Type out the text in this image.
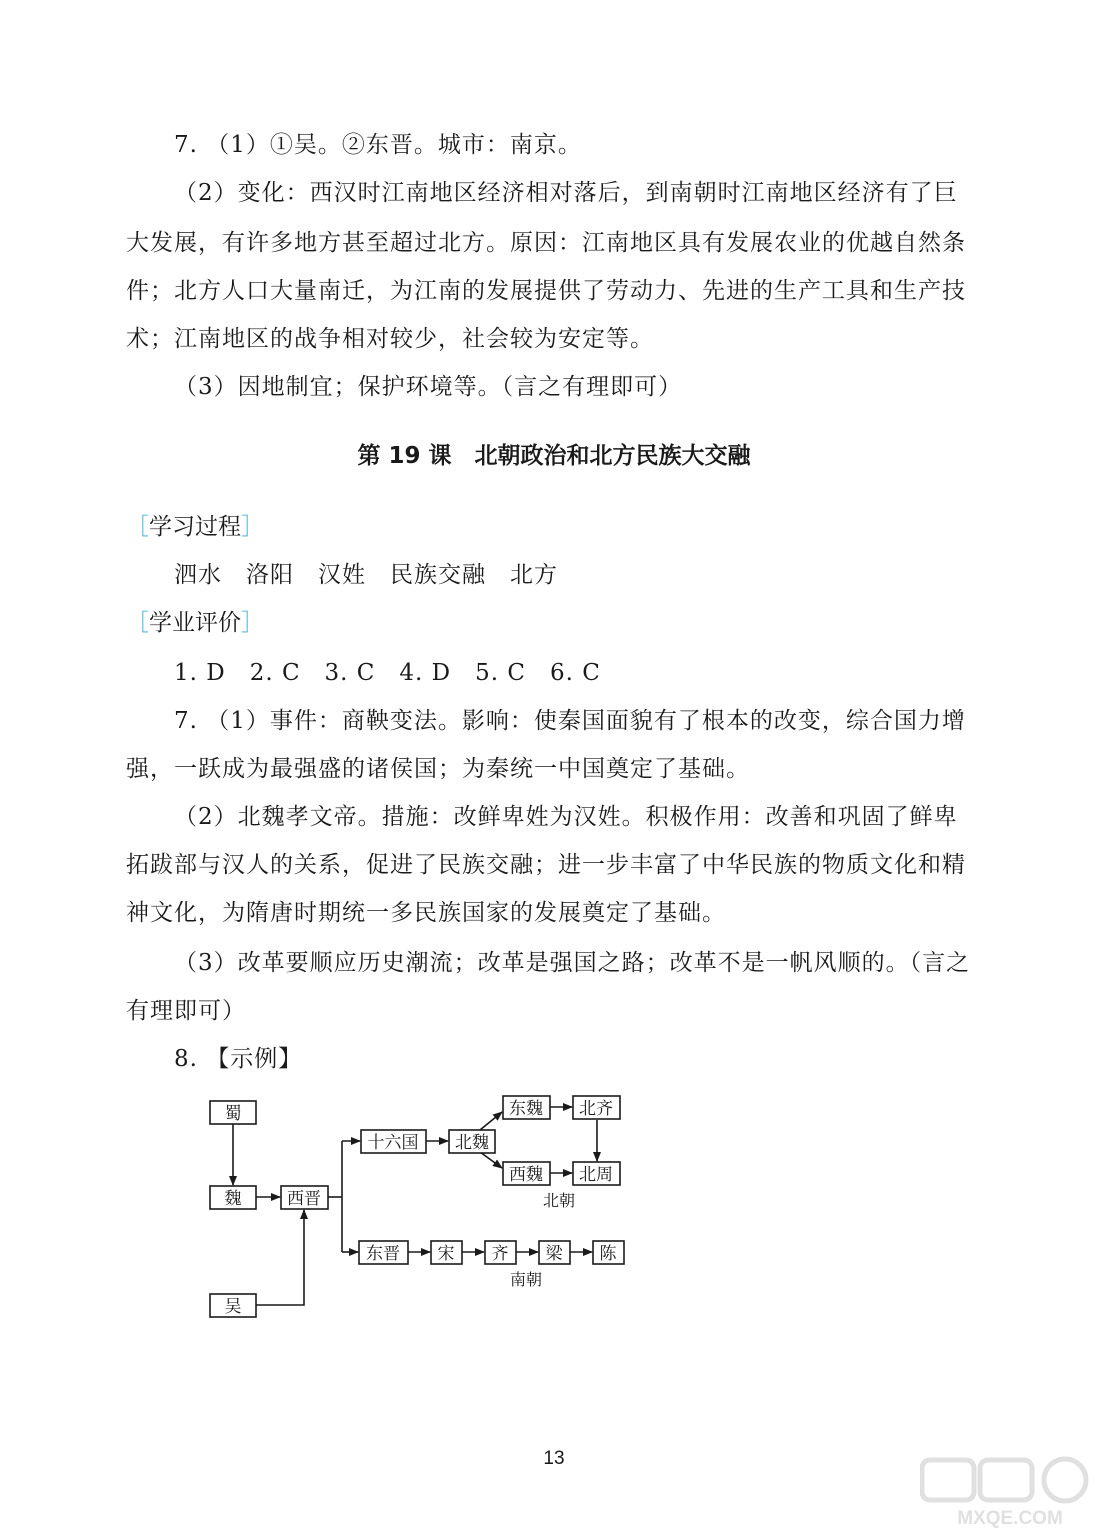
7. （1）①吴。②东晋。城市：南京。
（2）变化：西汉时江南地区经济相对落后，到南朝时江南地区经济有了巨
大发展，有许多地方甚至超过北方。原因：江南地区具有发展农业的优越自然条
件；北方人口大量南迁，为江南的发展提供了劳动力、先进的生产工具和生产技
术；江南地区的战争相对较少，社会较为安定等。
（3）因地制宜；保护环境等。（言之有理即可）
第 19 课　北朝政治和北方民族大交融
［学习过程］
泗水　洛阳　汉姓　民族交融　北方
［学业评价］
1. D　2. C　3. C　4. D　5. C　6. C
7. （1）事件：商鞅变法。影响：使秦国面貌有了根本的改变，综合国力增
强，一跃成为最强盛的诸侯国；为秦统一中国奠定了基础。
（2）北魏孝文帝。措施：改鲜卑姓为汉姓。积极作用：改善和巩固了鲜卑
拓跋部与汉人的关系，促进了民族交融；进一步丰富了中华民族的物质文化和精
神文化，为隋唐时期统一多民族国家的发展奠定了基础。
（3）改革要顺应历史潮流；改革是强国之路；改革不是一帆风顺的。（言之
有理即可）
8. 【示例】
蜀
魏
吴
西晋
十六国 北魏
东魏 北齐
西魏 北周
北朝
东晋 宋 齐 梁 陈
南朝
13
MXQE.COM
